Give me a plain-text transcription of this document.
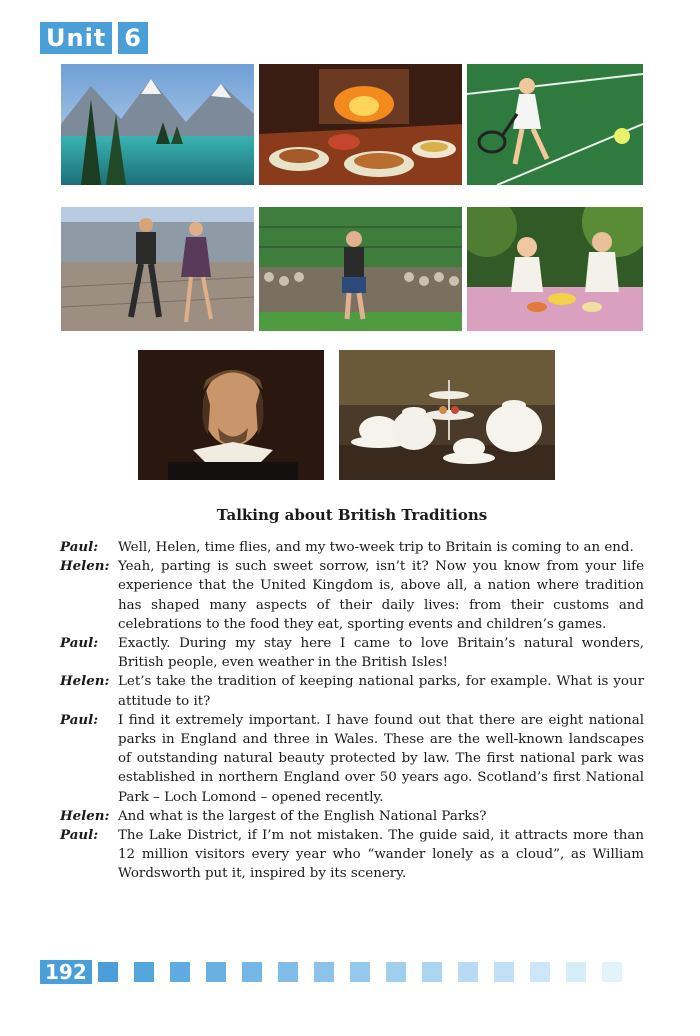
Unit 6
Talking about British Traditions
Paul:	Well, Helen, time flies, and my two-week trip to Britain is coming to an end.
Helen: Yeah, parting is such sweet sorrow, isn’t it? Now you know from your life experience that the United Kingdom is, above all, a nation where tradition has shaped many aspects of their daily lives: from their customs and celebrations to the food they eat, sporting events and children’s games.
Paul:	Exactly. During my stay here I came to love Britain’s natural wonders, British people, even weather in the British Isles!
Helen: Let’s take the tradition of keeping national parks, for example. What is your attitude to it?
Paul:	I find it extremely important. I have found out that there are eight national parks in England and three in Wales. These are the well-known landscapes of outstanding natural beauty protected by law. The first national park was established in northern England over 50 years ago. Scotland’s first National Park – Loch Lomond – opened recently.
Helen: And what is the largest of the English National Parks?
Paul:	The Lake District, if I’m not mistaken. The guide said, it attracts more than 12 million visitors every year who “wander lonely as a cloud”, as William Wordsworth put it, inspired by its scenery.
192
